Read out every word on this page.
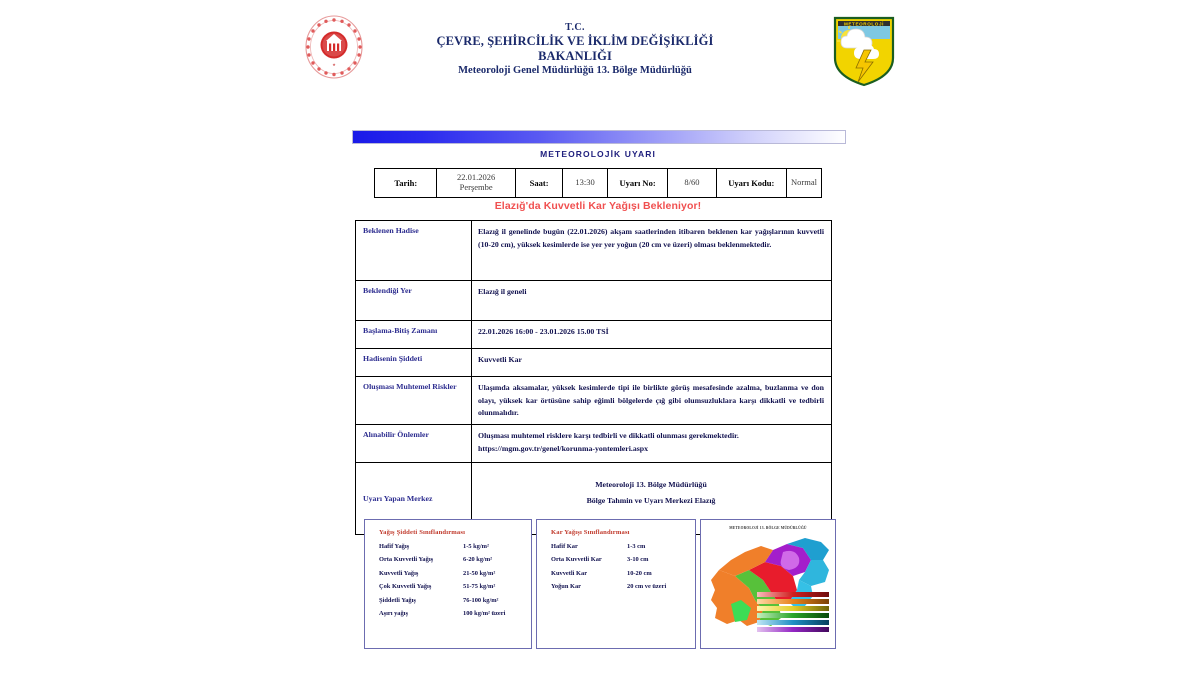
★
T.C.
ÇEVRE, ŞEHİRCİLİK VE İKLİM DEĞİŞİKLİĞİ
BAKANLIĞI
Meteoroloji Genel Müdürlüğü 13. Bölge Müdürlüğü
METEOROLOJİ
METEOROLOJİK UYARI
Tarih:	22.01.2026 Perşembe	Saat:	13:30	Uyarı No:	8/60	Uyarı Kodu:	Normal
Elazığ'da Kuvvetli Kar Yağışı Bekleniyor!
Beklenen Hadise	Elazığ il genelinde bugün (22.01.2026) akşam saatlerinden itibaren beklenen kar yağışlarının kuvvetli (10-20 cm), yüksek kesimlerde ise yer yer yoğun (20 cm ve üzeri) olması beklenmektedir.
Beklendiği Yer	Elazığ il geneli
Başlama-Bitiş Zamanı	22.01.2026 16:00 - 23.01.2026 15.00 TSİ
Hadisenin Şiddeti	Kuvvetli Kar
Oluşması Muhtemel Riskler	Ulaşımda aksamalar, yüksek kesimlerde tipi ile birlikte görüş mesafesinde azalma, buzlanma ve don olayı, yüksek kar örtüsüne sahip eğimli bölgelerde çığ gibi olumsuzluklara karşı dikkatli ve tedbirli olunmalıdır.
Alınabilir Önlemler	Oluşması muhtemel risklere karşı tedbirli ve dikkatli olunması gerekmektedir.
https://mgm.gov.tr/genel/korunma-yontemleri.aspx

Uyarı Yapan Merkez	Meteoroloji 13. Bölge Müdürlüğü
Bölge Tahmin ve Uyarı Merkezi Elazığ
Yağış Şiddeti Sınıflandırması
Hafif Yağış	1-5 kg/m²
Orta Kuvvetli Yağış	6-20 kg/m²
Kuvvetli Yağış	21-50 kg/m²
Çok Kuvvetli Yağış	51-75 kg/m²
Şiddetli Yağış	76-100 kg/m²
Aşırı yağış	100 kg/m² üzeri
Kar Yağışı Sınıflandırması
Hafif Kar	1-3 cm
Orta Kuvvetli Kar	3-10 cm
Kuvvetli Kar	10-20 cm
Yoğun Kar	20 cm ve üzeri
METEOROLOJİ 13. BÖLGE MÜDÜRLÜĞÜ
